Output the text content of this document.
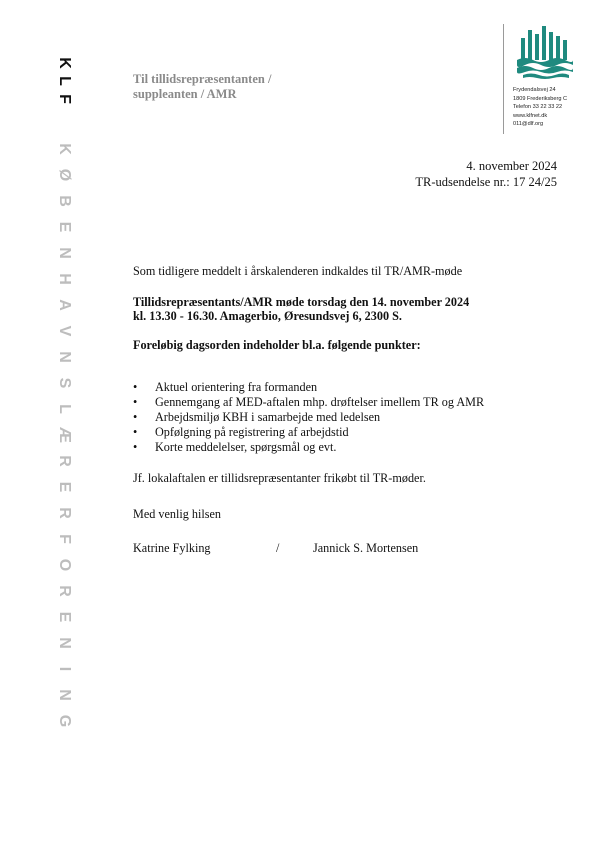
K
L
F
K
Ø
B
E
N
H
A
V
N
S
L
Æ
R
E
R
F
O
R
E
N
I
N
G
Til tillidsrepræsentanten /
suppleanten / AMR	Frydendalsvej 24
1809 Frederiksberg C
Telefon 33 22 33 22
www.klfnet.dk
011@dlf.org
4. november 2024
TR-udsendelse nr.: 17 24/25

Som tidligere meddelt i årskalenderen indkaldes til TR/AMR-møde

Tillidsrepræsentants/AMR møde torsdag den 14. november 2024
kl. 13.30 - 16.30. Amagerbio, Øresundsvej 6, 2300 S.

Foreløbig dagsorden indeholder bl.a. følgende punkter:

• Aktuel orientering fra formanden
• Gennemgang af MED-aftalen mhp. drøftelser imellem TR og AMR
• Arbejdsmiljø KBH i samarbejde med ledelsen
• Opfølgning på registrering af arbejdstid
• Korte meddelelser, spørgsmål og evt.

Jf. lokalaftalen er tillidsrepræsentanter frikøbt til TR-møder.

Med venlig hilsen

Katrine Fylking	/	Jannick S. Mortensen
